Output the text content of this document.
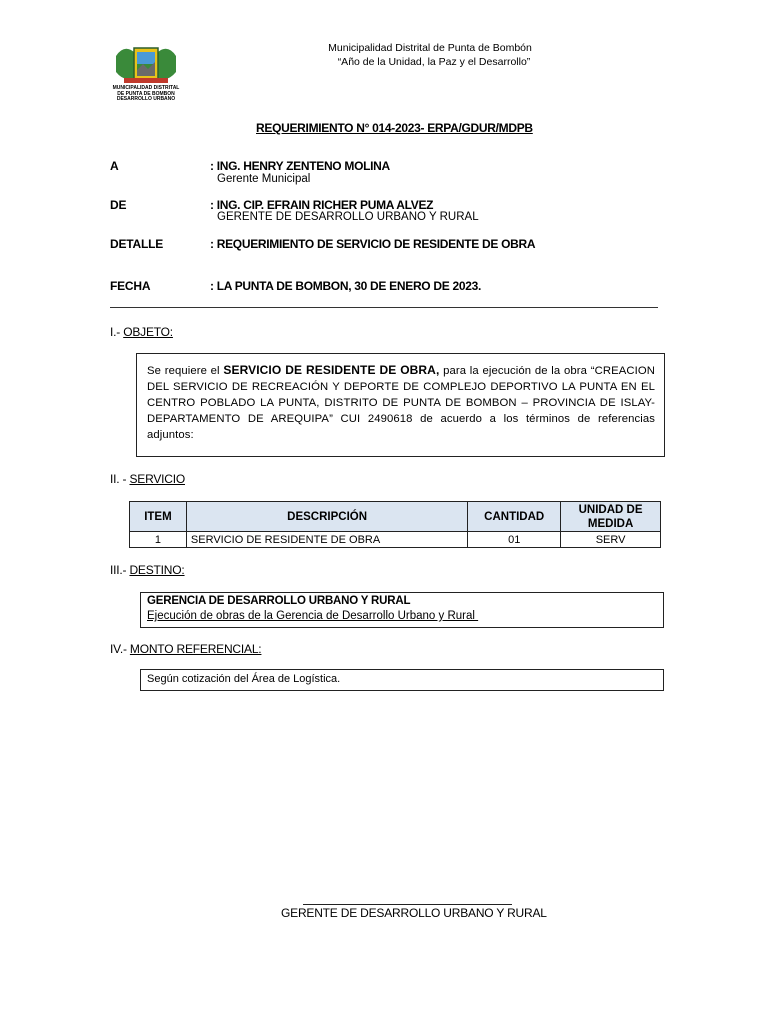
MUNICIPALIDAD DISTRITAL
DE PUNTA DE BOMBON
DESARROLLO URBANO
Municipalidad Distrital de Punta de Bombón
“Año de la Unidad, la Paz y el Desarrollo”
REQUERIMIENTO N° 014-2023- ERPA/GDUR/MDPB
A	: ING. HENRY ZENTENO MOLINA
Gerente Municipal
DE	: ING. CIP. EFRAIN RICHER PUMA ALVEZ
GERENTE DE DESARROLLO URBANO Y RURAL
DETALLE	: REQUERIMIENTO DE SERVICIO DE RESIDENTE DE OBRA
FECHA	: LA PUNTA DE BOMBON, 30 DE ENERO DE 2023.
I.- OBJETO:
Se requiere el SERVICIO DE RESIDENTE DE OBRA, para la ejecución de la obra “CREACION DEL SERVICIO DE RECREACIÓN Y DEPORTE DE COMPLEJO DEPORTIVO LA PUNTA EN EL CENTRO POBLADO LA PUNTA, DISTRITO DE PUNTA DE BOMBON – PROVINCIA DE ISLAY- DEPARTAMENTO DE AREQUIPA” CUI 2490618 de acuerdo a los términos de referencias adjuntos:
II. - SERVICIO
ITEM	DESCRIPCIÓN	CANTIDAD	UNIDAD DE MEDIDA
1	SERVICIO DE RESIDENTE DE OBRA	01	SERV
III.- DESTINO:
GERENCIA DE DESARROLLO URBANO Y RURAL
Ejecución de obras de la Gerencia de Desarrollo Urbano y Rural
IV.- MONTO REFERENCIAL:
Según cotización del Área de Logística.
GERENTE DE DESARROLLO URBANO Y RURAL
